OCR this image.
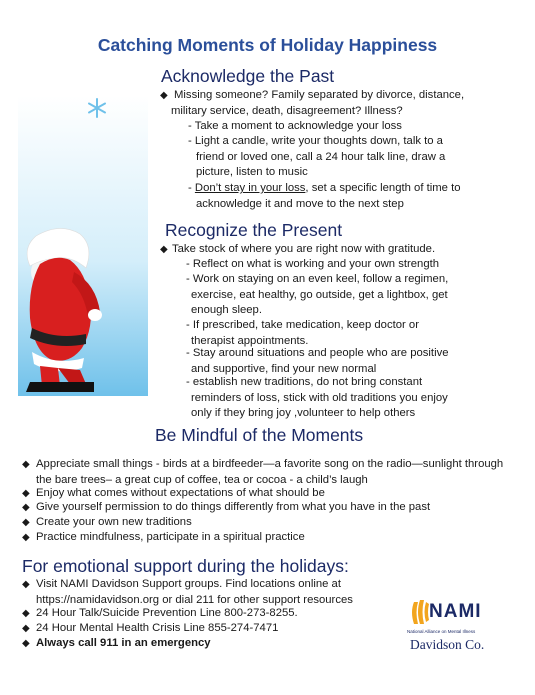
Catching Moments of Holiday Happiness
Acknowledge the Past
◆ Missing someone? Family separated by divorce, distance,
military service, death, disagreement? Illness?
- Take a moment to acknowledge your loss
- Light a candle, write your thoughts down, talk to a
friend or loved one, call a 24 hour talk line, draw a
picture, listen to music
- Don’t stay in your loss, set a specific length of time to
acknowledge it and move to the next step
Recognize the Present
◆ Take stock of where you are right now with gratitude.
- Reflect on what is working and your own strength
- Work on staying on an even keel, follow a regimen,
exercise, eat healthy, go outside, get a lightbox, get
enough sleep.
- If prescribed, take medication, keep doctor or
therapist appointments.
- Stay around situations and people who are positive
and supportive, find your new normal
- establish new traditions, do not bring constant
reminders of loss, stick with old traditions you enjoy
only if they bring joy ,volunteer to help others
Be Mindful of the Moments
◆ Appreciate small things - birds at a birdfeeder—a favorite song on the radio—sunlight through
the bare trees– a great cup of coffee, tea or cocoa - a child’s laugh
◆ Enjoy what comes without expectations of what should be
◆ Give yourself permission to do things differently from what you have in the past
◆ Create your own new traditions
◆ Practice mindfulness, participate in a spiritual practice
For emotional support during the holidays:
◆ Visit NAMI Davidson Support groups. Find locations online at
https://namidavidson.org or dial 211 for other support resources
◆ 24 Hour Talk/Suicide Prevention Line 800-273-8255.
◆ 24 Hour Mental Health Crisis Line 855-274-7471
◆ Always call 911 in an emergency
NAMI
National Alliance on Mental Illness
Davidson Co.
